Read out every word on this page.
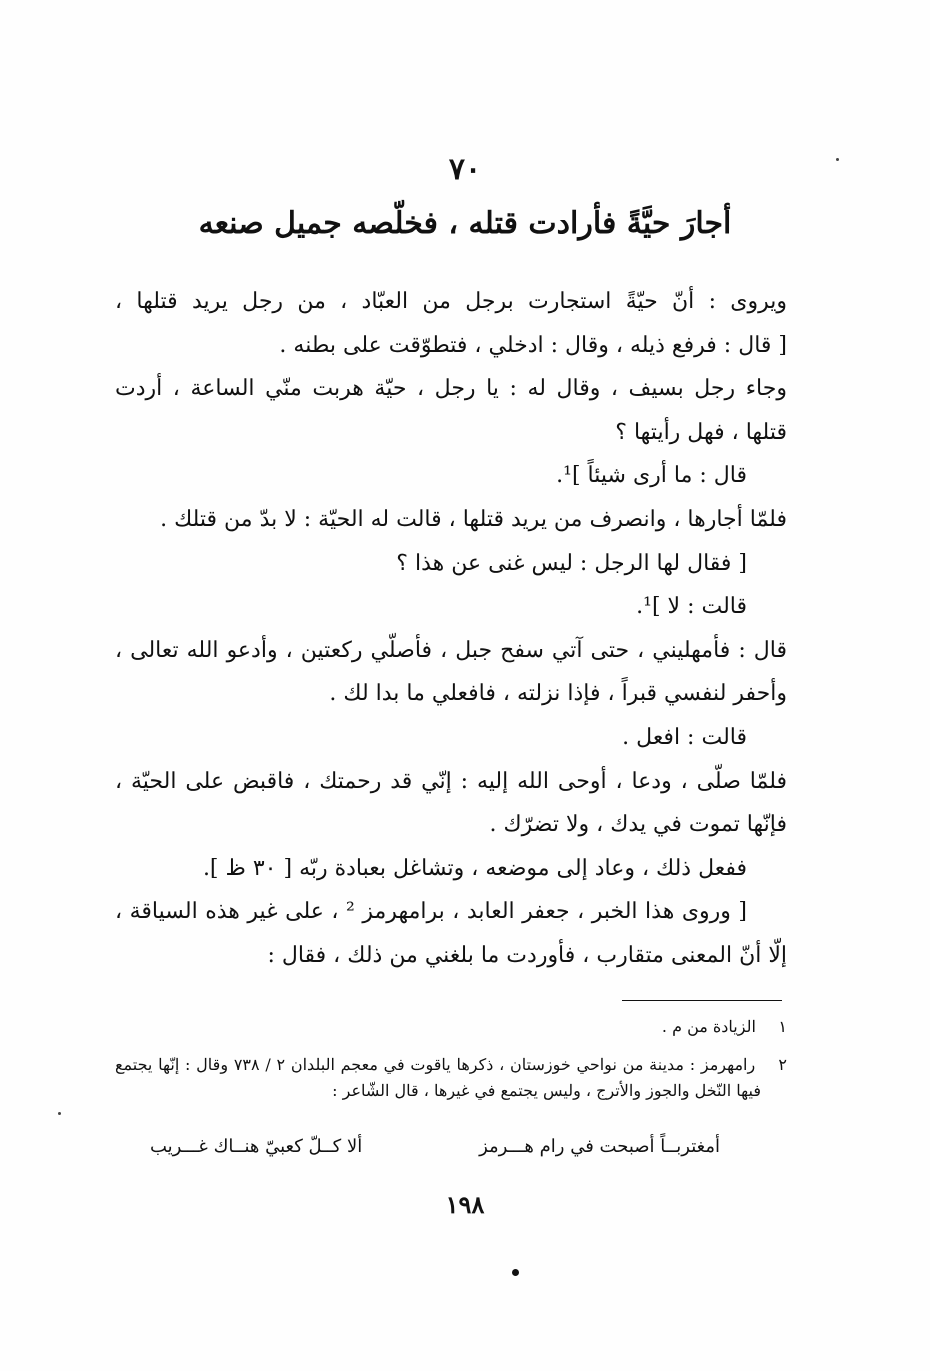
٧٠
أجارَ حيَّةً فأرادت قتله ، فخلّصه جميل صنعه
ويروى : أنّ حيّةً استجارت برجل من العبّاد ، من رجل يريد قتلها ،
[ قال : فرفع ذيله ، وقال : ادخلي ، فتطوّقت على بطنه .
وجاء رجل بسيف ، وقال له : يا رجل ، حيّة هربت منّي الساعة ، أردت
قتلها ، فهل رأيتها ؟
قال : ما أرى شيئاً ]¹.
فلمّا أجارها ، وانصرف من يريد قتلها ، قالت له الحيّة : لا بدّ من قتلك .
[ فقال لها الرجل : ليس غنى عن هذا ؟
قالت : لا ]¹.
قال : فأمهليني ، حتى آتي سفح جبل ، فأصلّي ركعتين ، وأدعو الله تعالى ،
وأحفر لنفسي قبراً ، فإذا نزلته ، فافعلي ما بدا لك .
قالت : افعل .
فلمّا صلّى ، ودعا ، أوحى الله إليه : إنّي قد رحمتك ، فاقبض على الحيّة ،
فإنّها تموت في يدك ، ولا تضرّك .
ففعل ذلك ، وعاد إلى موضعه ، وتشاغل بعبادة ربّه [ ٣٠ ظ ].
[ وروى هذا الخبر ، جعفر العابد ، برامهرمز ² ، على غير هذه السياقة ،
إلّا أنّ المعنى متقارب ، فأوردت ما بلغني من ذلك ، فقال :
١ الزيادة من م .
٢ رامهرمز : مدينة من نواحي خوزستان ، ذكرها ياقوت في معجم البلدان ٢ / ٧٣٨ وقال : إنّها يجتمع
فيها النّخل والجوز والأترج ، وليس يجتمع في غيرها ، قال الشّاعر :
أمغتربــاً أصبحت في رام هـــرمز
ألا كــلّ كعبيّ هنــاك غـــريب
١٩٨
